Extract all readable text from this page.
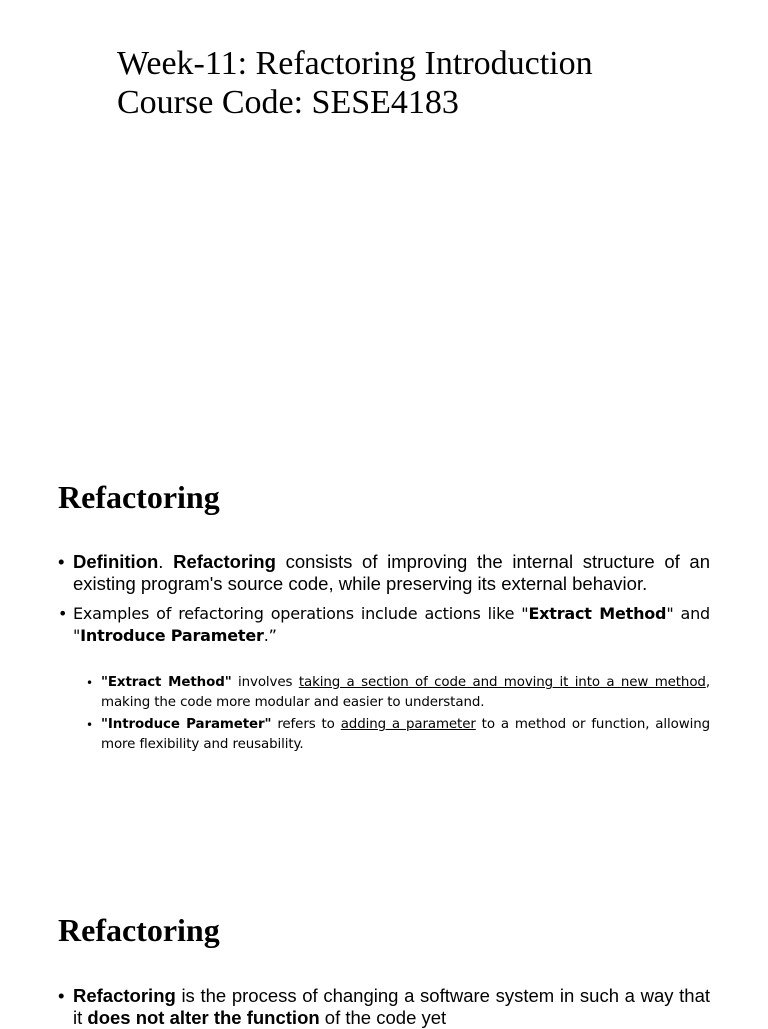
Week-11: Refactoring Introduction
Course Code: SESE4183
Refactoring
• Definition. Refactoring consists of improving the internal structure of an existing program's source code, while preserving its external behavior.
• Examples of refactoring operations include actions like "Extract Method" and "Introduce Parameter.”
• "Extract Method" involves taking a section of code and moving it into a new method, making the code more modular and easier to understand.
• "Introduce Parameter" refers to adding a parameter to a method or function, allowing more flexibility and reusability.
Refactoring
• Refactoring is the process of changing a software system in such a way that it does not alter the function of the code yet
